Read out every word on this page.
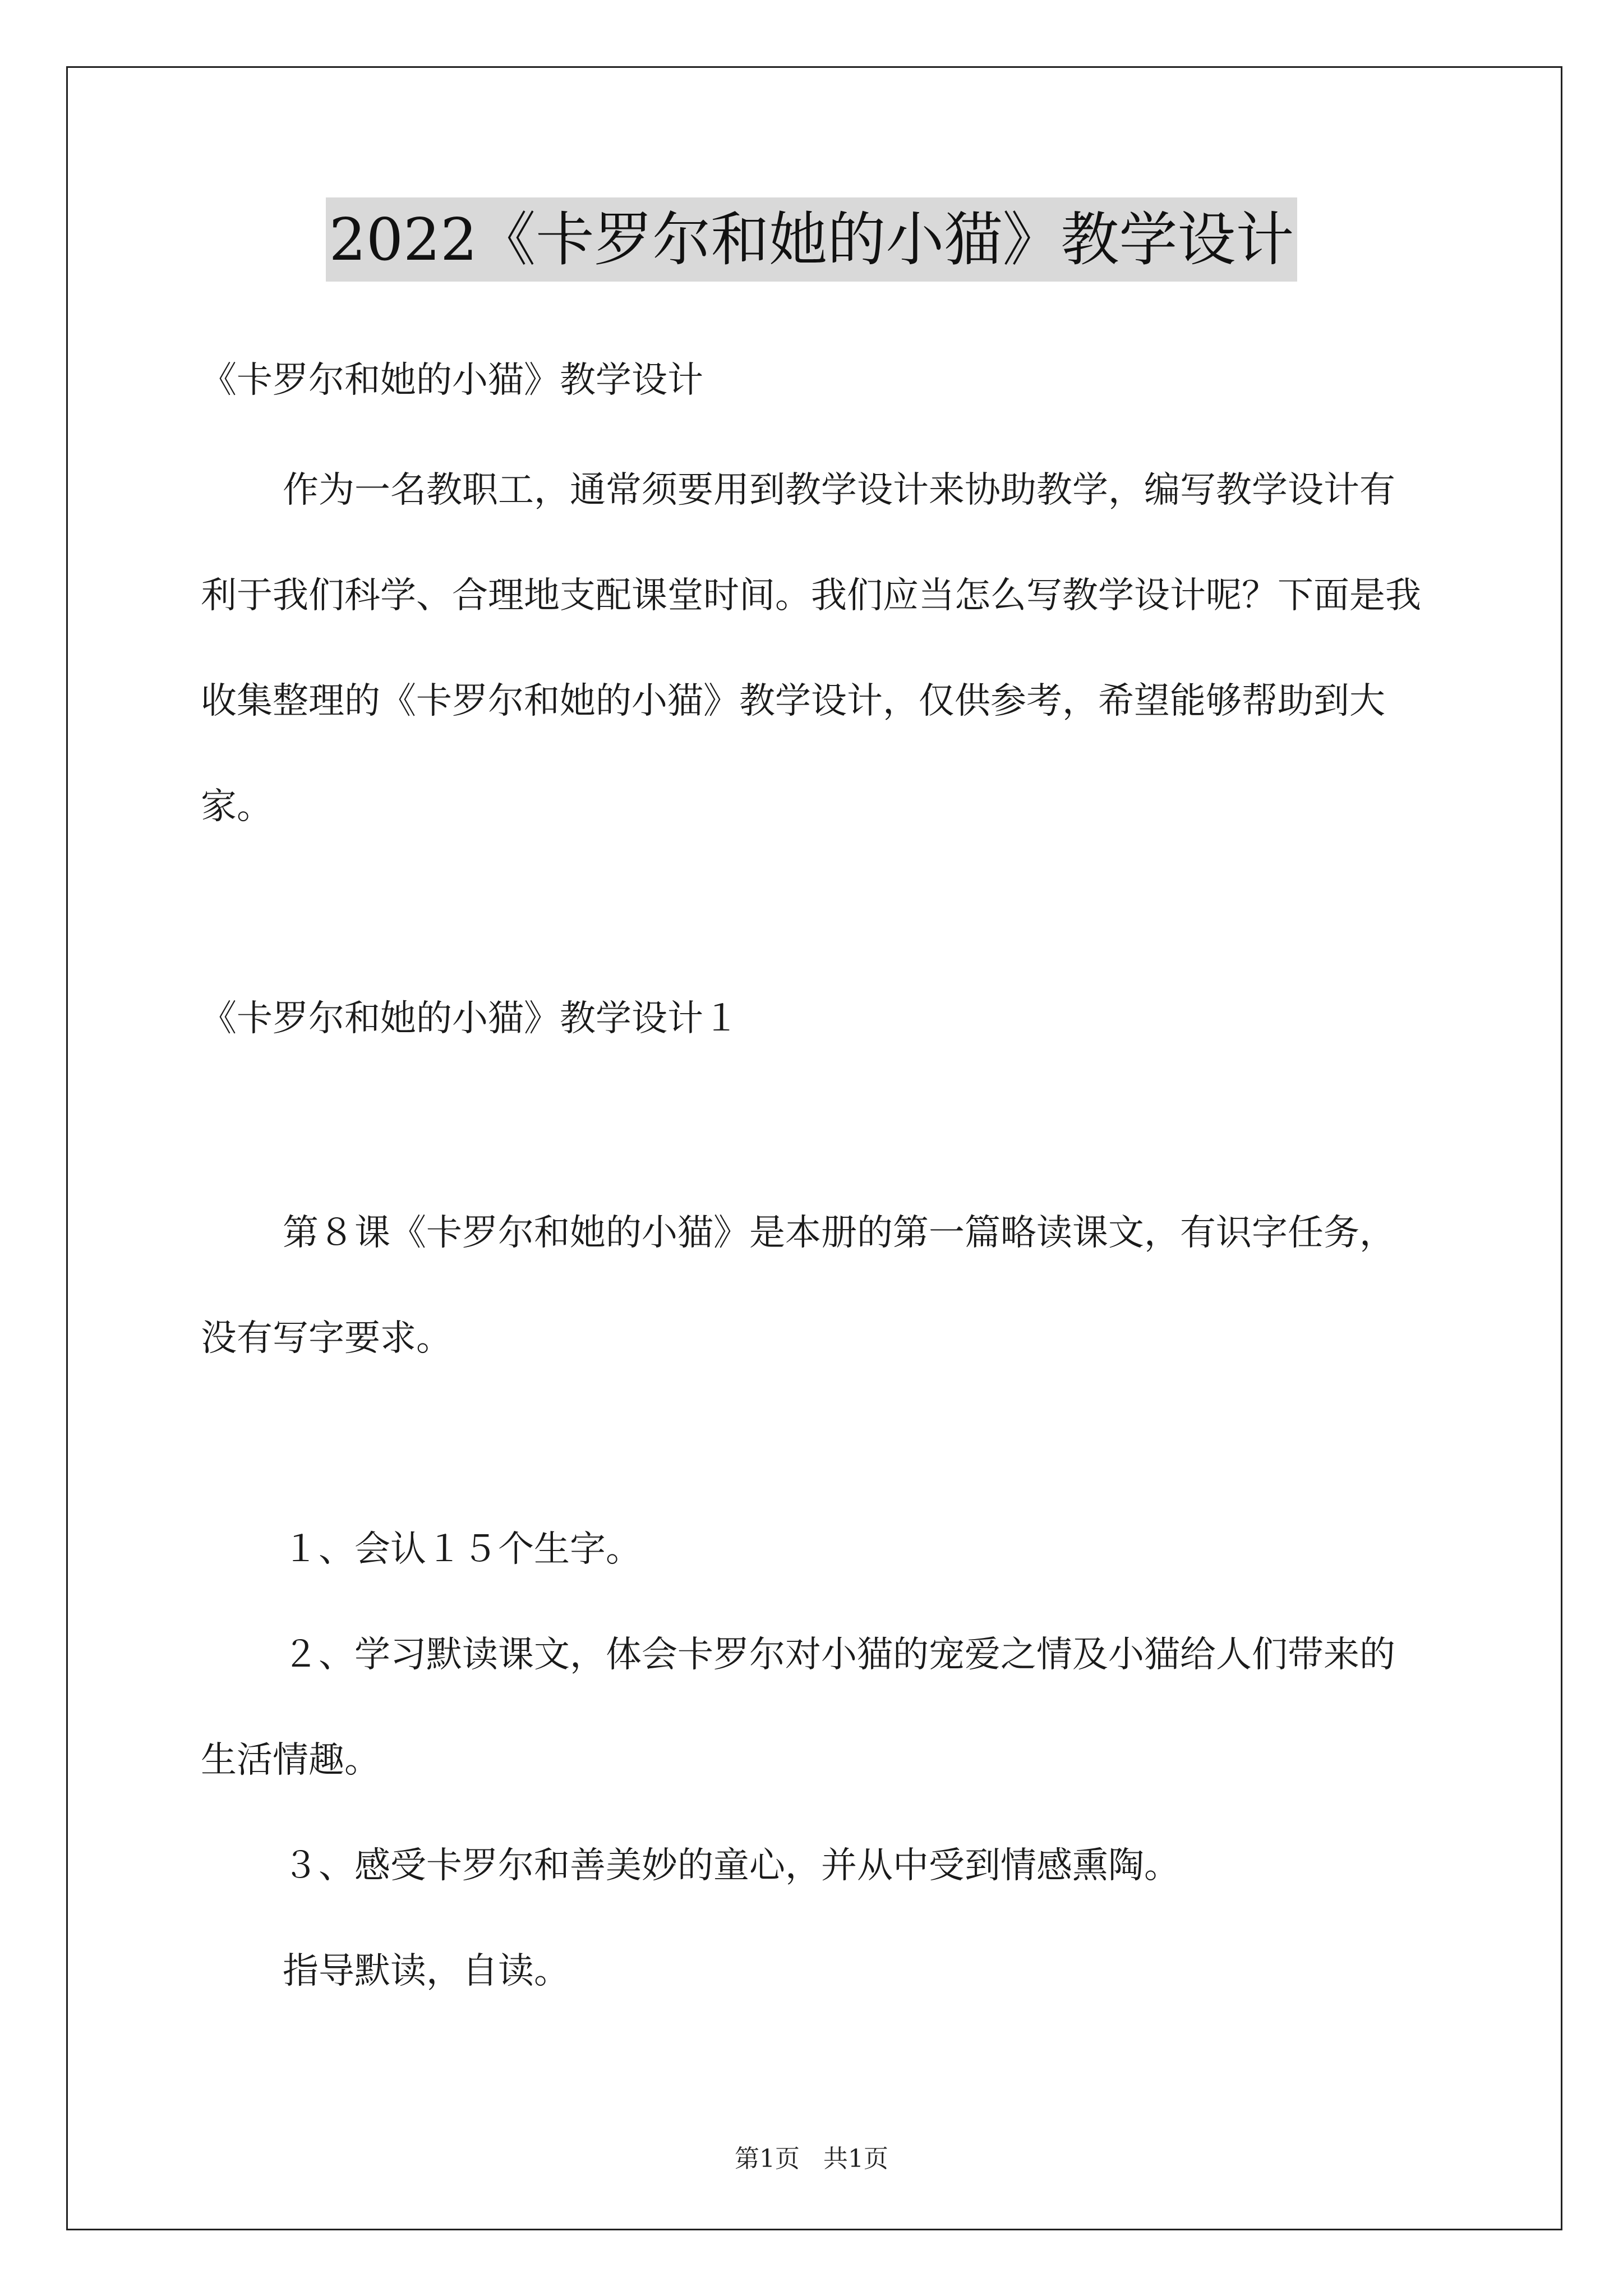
2022《卡罗尔和她的小猫》教学设计

《卡罗尔和她的小猫》教学设计

作为一名教职工，通常须要用到教学设计来协助教学，编写教学设计有利于我们科学、合理地支配课堂时间。我们应当怎么写教学设计呢？下面是我收集整理的《卡罗尔和她的小猫》教学设计，仅供参考，希望能够帮助到大家。

《卡罗尔和她的小猫》教学设计１

第８课《卡罗尔和她的小猫》是本册的第一篇略读课文，有识字任务，没有写字要求。

１、会认１５个生字。

２、学习默读课文，体会卡罗尔对小猫的宠爱之情及小猫给人们带来的生活情趣。

３、感受卡罗尔和善美妙的童心，并从中受到情感熏陶。

指导默读，自读。

第1页 共1页
